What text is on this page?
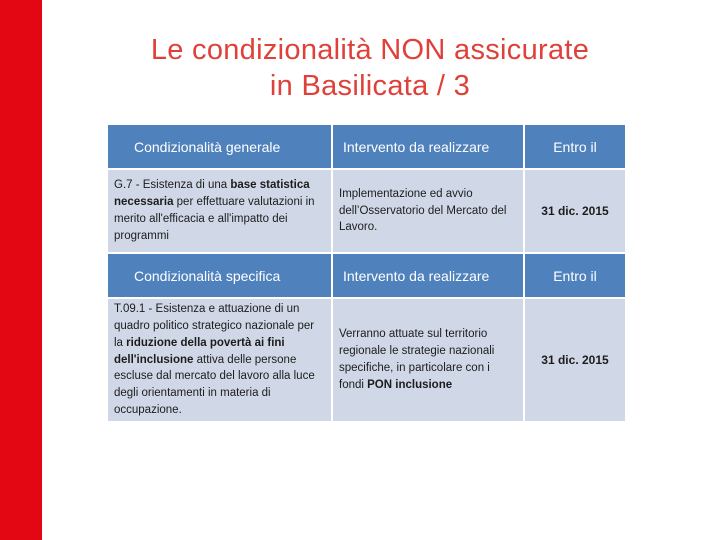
Le condizionalità NON assicurate
in Basilicata / 3
Condizionalità generale	Intervento da realizzare	Entro il
G.7 - Esistenza di una base statistica necessaria per effettuare valutazioni in merito all'efficacia e all'impatto dei programmi	Implementazione ed avvio dell’Osservatorio del Mercato del Lavoro.	31 dic. 2015
Condizionalità specifica	Intervento da realizzare	Entro il
T.09.1 - Esistenza e attuazione di un quadro politico strategico nazionale per la riduzione della povertà ai fini dell'inclusione attiva delle persone escluse dal mercato del lavoro alla luce degli orientamenti in materia di occupazione.	Verranno attuate sul territorio regionale le strategie nazionali specifiche, in particolare con i fondi PON inclusione	31 dic. 2015
